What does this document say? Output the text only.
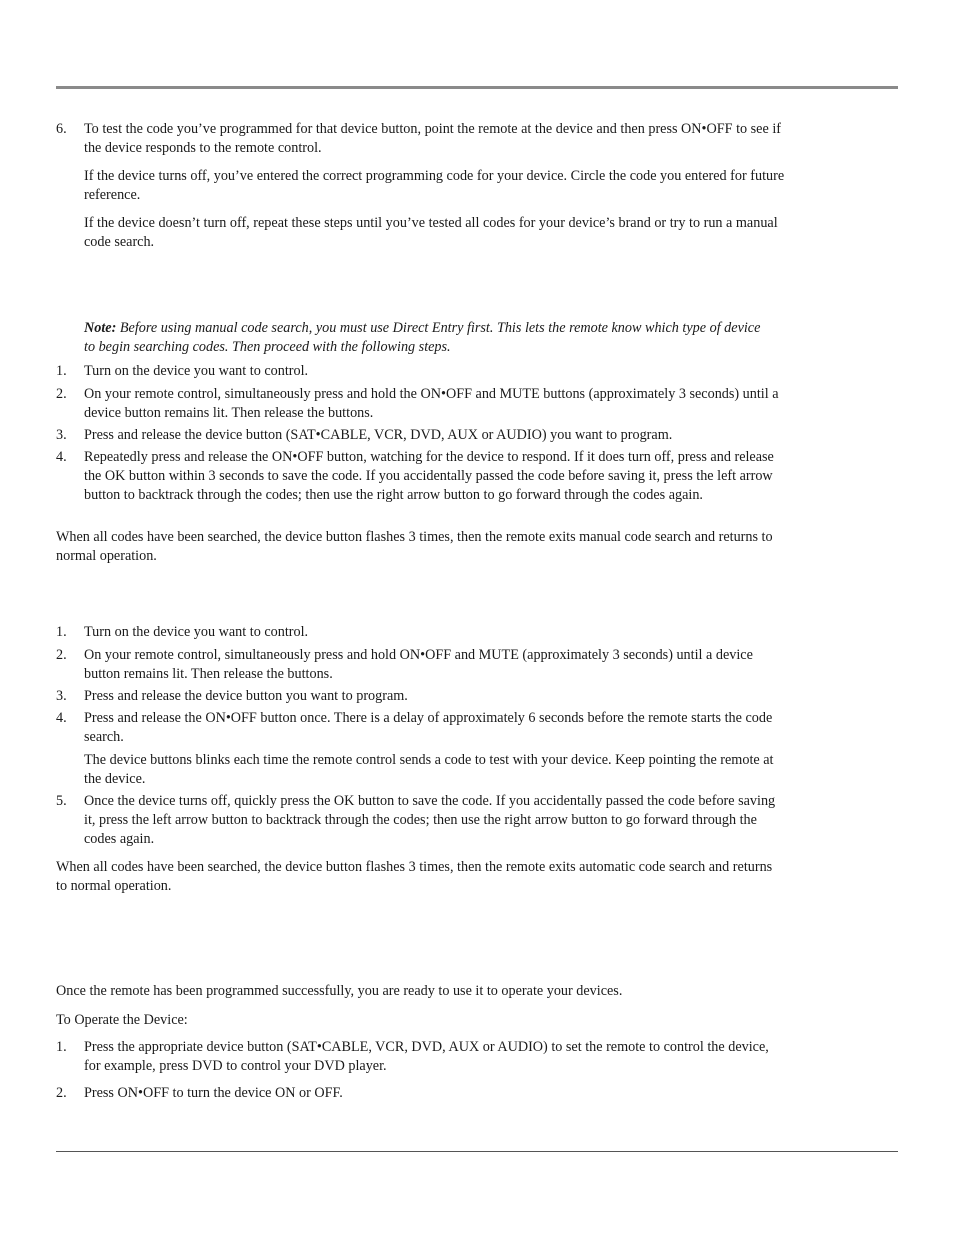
6.	To test the code you’ve programmed for that device button, point the remote at the device and then press ON•OFF to see if the device responds to the remote control.

If the device turns off, you’ve entered the correct programming code for your device. Circle the code you entered for future reference.

If the device doesn’t turn off, repeat these steps until you’ve tested all codes for your device’s brand or try to run a manual code search.

Note: Before using manual code search, you must use Direct Entry first. This lets the remote know which type of device to begin searching codes. Then proceed with the following steps.

1.	Turn on the device you want to control.

2.	On your remote control, simultaneously press and hold the ON•OFF and MUTE buttons (approximately 3 seconds) until a device button remains lit. Then release the buttons.

3.	Press and release the device button (SAT•CABLE, VCR, DVD, AUX or AUDIO) you want to program.

4.	Repeatedly press and release the ON•OFF button, watching for the device to respond. If it does turn off, press and release the OK button within 3 seconds to save the code. If you accidentally passed the code before saving it, press the left arrow button to backtrack through the codes; then use the right arrow button to go forward through the codes again.

When all codes have been searched, the device button flashes 3 times, then the remote exits manual code search and returns to normal operation.

1.	Turn on the device you want to control.

2.	On your remote control, simultaneously press and hold ON•OFF and MUTE (approximately 3 seconds) until a device button remains lit. Then release the buttons.

3.	Press and release the device button you want to program.

4.	Press and release the ON•OFF button once. There is a delay of approximately 6 seconds before the remote starts the code search.

The device buttons blinks each time the remote control sends a code to test with your device. Keep pointing the remote at the device.

5.	Once the device turns off, quickly press the OK button to save the code. If you accidentally passed the code before saving it, press the left arrow button to backtrack through the codes; then use the right arrow button to go forward through the codes again.

When all codes have been searched, the device button flashes 3 times, then the remote exits automatic code search and returns to normal operation.

Once the remote has been programmed successfully, you are ready to use it to operate your devices.

To Operate the Device:

1.	Press the appropriate device button (SAT•CABLE, VCR, DVD, AUX or AUDIO) to set the remote to control the device, for example, press DVD to control your DVD player.

2.	Press ON•OFF to turn the device ON or OFF.
